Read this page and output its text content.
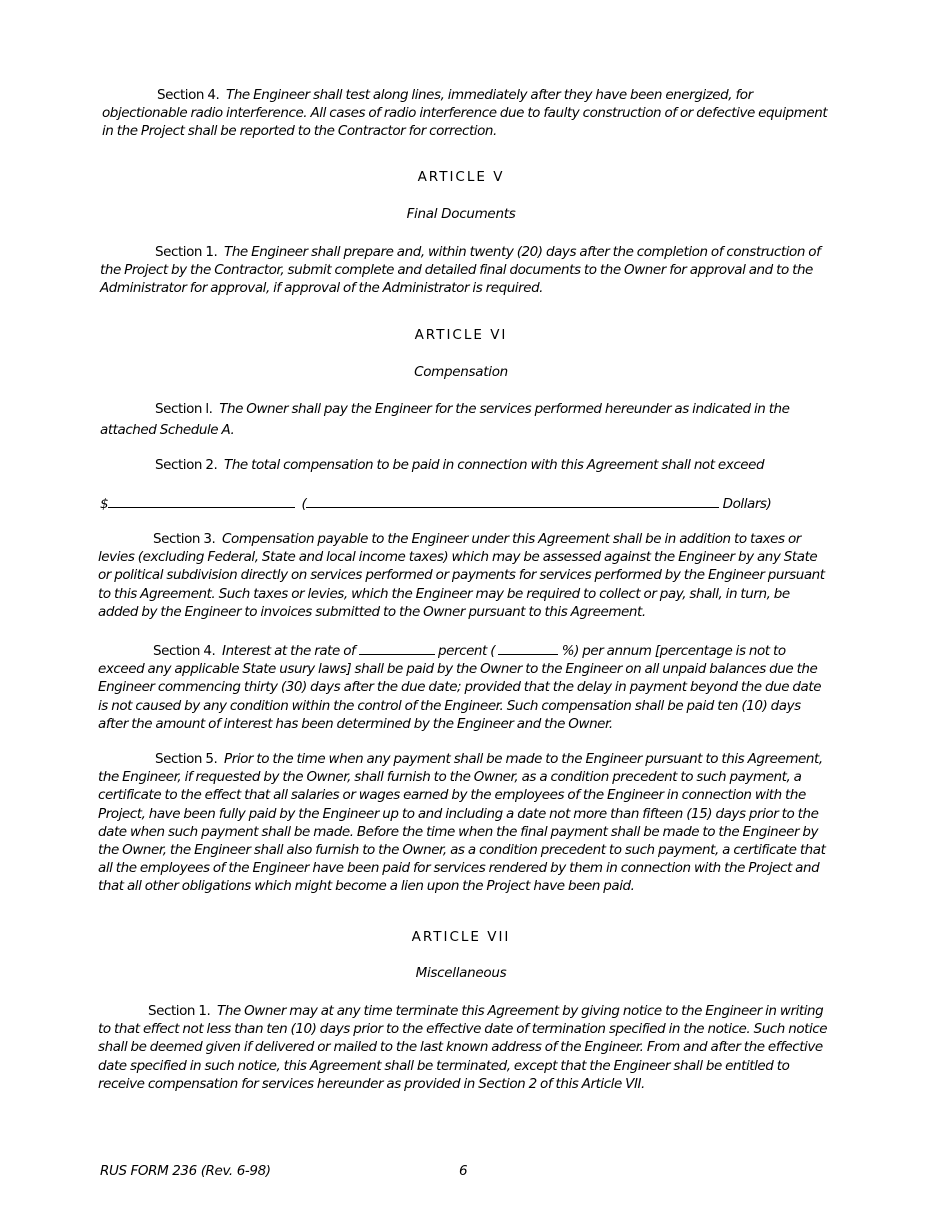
Section 4. The Engineer shall test along lines, immediately after they have been energized, for objectionable radio interference. All cases of radio interference due to faulty construction of or defective equipment in the Project shall be reported to the Contractor for correction.
ARTICLE V
Final Documents
Section 1. The Engineer shall prepare and, within twenty (20) days after the completion of construction of the Project by the Contractor, submit complete and detailed final documents to the Owner for approval and to the Administrator for approval, if approval of the Administrator is required.
ARTICLE VI
Compensation
Section l. The Owner shall pay the Engineer for the services performed hereunder as indicated in the attached Schedule A.
Section 2. The total compensation to be paid in connection with this Agreement shall not exceed
$	(	Dollars)
Section 3. Compensation payable to the Engineer under this Agreement shall be in addition to taxes or levies (excluding Federal, State and local income taxes) which may be assessed against the Engineer by any State or political subdivision directly on services performed or payments for services performed by the Engineer pursuant to this Agreement. Such taxes or levies, which the Engineer may be required to collect or pay, shall, in turn, be added by the Engineer to invoices submitted to the Owner pursuant to this Agreement.
Section 4. Interest at the rate of	percent (	%) per annum [percentage is not to exceed any applicable State usury laws] shall be paid by the Owner to the Engineer on all unpaid balances due the Engineer commencing thirty (30) days after the due date; provided that the delay in payment beyond the due date is not caused by any condition within the control of the Engineer. Such compensation shall be paid ten (10) days after the amount of interest has been determined by the Engineer and the Owner.
Section 5. Prior to the time when any payment shall be made to the Engineer pursuant to this Agreement, the Engineer, if requested by the Owner, shall furnish to the Owner, as a condition precedent to such payment, a certificate to the effect that all salaries or wages earned by the employees of the Engineer in connection with the Project, have been fully paid by the Engineer up to and including a date not more than fifteen (15) days prior to the date when such payment shall be made. Before the time when the final payment shall be made to the Engineer by the Owner, the Engineer shall also furnish to the Owner, as a condition precedent to such payment, a certificate that all the employees of the Engineer have been paid for services rendered by them in connection with the Project and that all other obligations which might become a lien upon the Project have been paid.
ARTICLE VII
Miscellaneous
Section 1. The Owner may at any time terminate this Agreement by giving notice to the Engineer in writing to that effect not less than ten (10) days prior to the effective date of termination specified in the notice. Such notice shall be deemed given if delivered or mailed to the last known address of the Engineer. From and after the effective date specified in such notice, this Agreement shall be terminated, except that the Engineer shall be entitled to receive compensation for services hereunder as provided in Section 2 of this Article VII.
RUS FORM 236 (Rev. 6-98)	6
